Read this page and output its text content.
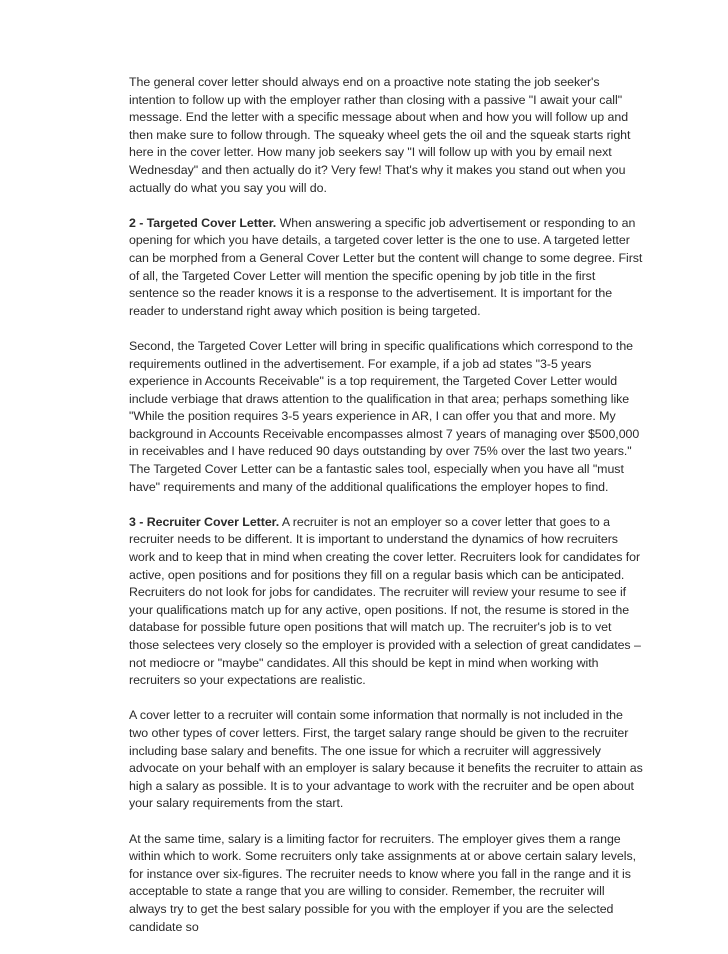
The general cover letter should always end on a proactive note stating the job seeker's intention to follow up with the employer rather than closing with a passive "I await your call" message. End the letter with a specific message about when and how you will follow up and then make sure to follow through. The squeaky wheel gets the oil and the squeak starts right here in the cover letter. How many job seekers say "I will follow up with you by email next Wednesday" and then actually do it? Very few! That's why it makes you stand out when you actually do what you say you will do.

2 - Targeted Cover Letter. When answering a specific job advertisement or responding to an opening for which you have details, a targeted cover letter is the one to use. A targeted letter can be morphed from a General Cover Letter but the content will change to some degree. First of all, the Targeted Cover Letter will mention the specific opening by job title in the first sentence so the reader knows it is a response to the advertisement. It is important for the reader to understand right away which position is being targeted.

Second, the Targeted Cover Letter will bring in specific qualifications which correspond to the requirements outlined in the advertisement. For example, if a job ad states "3-5 years experience in Accounts Receivable" is a top requirement, the Targeted Cover Letter would include verbiage that draws attention to the qualification in that area; perhaps something like "While the position requires 3-5 years experience in AR, I can offer you that and more. My background in Accounts Receivable encompasses almost 7 years of managing over $500,000 in receivables and I have reduced 90 days outstanding by over 75% over the last two years." The Targeted Cover Letter can be a fantastic sales tool, especially when you have all "must have" requirements and many of the additional qualifications the employer hopes to find.

3 - Recruiter Cover Letter. A recruiter is not an employer so a cover letter that goes to a recruiter needs to be different. It is important to understand the dynamics of how recruiters work and to keep that in mind when creating the cover letter. Recruiters look for candidates for active, open positions and for positions they fill on a regular basis which can be anticipated. Recruiters do not look for jobs for candidates. The recruiter will review your resume to see if your qualifications match up for any active, open positions. If not, the resume is stored in the database for possible future open positions that will match up. The recruiter's job is to vet those selectees very closely so the employer is provided with a selection of great candidates – not mediocre or "maybe" candidates. All this should be kept in mind when working with recruiters so your expectations are realistic.

A cover letter to a recruiter will contain some information that normally is not included in the two other types of cover letters. First, the target salary range should be given to the recruiter including base salary and benefits. The one issue for which a recruiter will aggressively advocate on your behalf with an employer is salary because it benefits the recruiter to attain as high a salary as possible. It is to your advantage to work with the recruiter and be open about your salary requirements from the start.

At the same time, salary is a limiting factor for recruiters. The employer gives them a range within which to work. Some recruiters only take assignments at or above certain salary levels, for instance over six-figures. The recruiter needs to know where you fall in the range and it is acceptable to state a range that you are willing to consider. Remember, the recruiter will always try to get the best salary possible for you with the employer if you are the selected candidate so
